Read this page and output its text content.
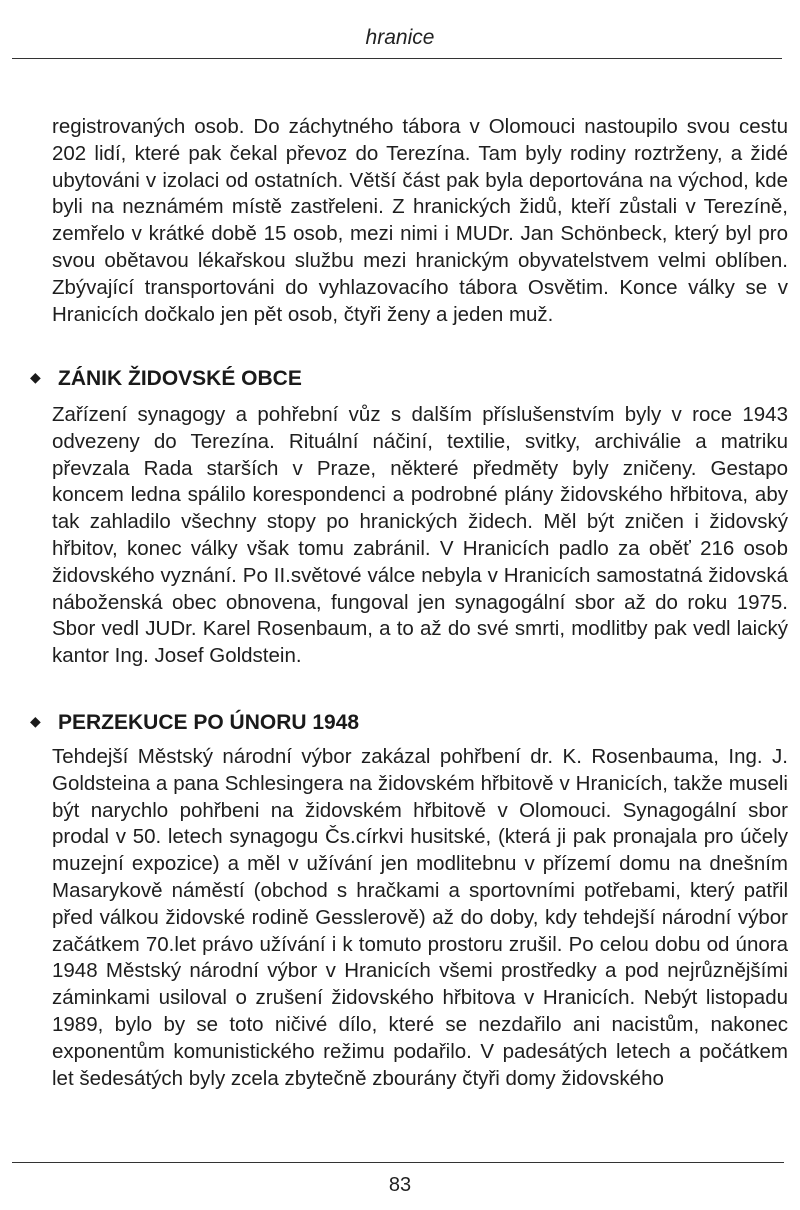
hranice

registrovaných osob. Do záchytného tábora v Olomouci nastoupilo svou cestu 202 lidí, které pak čekal převoz do Terezína. Tam byly rodiny roztrženy, a židé ubytováni v izolaci od ostatních. Větší část pak byla deportována na východ, kde byli na neznámém místě zastřeleni. Z hranických židů, kteří zůstali v Terezíně, zemřelo v krátké době 15 osob, mezi nimi i MUDr. Jan Schönbeck, který byl pro svou obětavou lékařskou službu mezi hranickým obyvatelstvem velmi oblíben. Zbývající transportováni do vyhlazovacího tábora Osvětim. Konce války se v Hranicích dočkalo jen pět osob, čtyři ženy a jeden muž.

◆ ZÁNIK ŽIDOVSKÉ OBCE

Zařízení synagogy a pohřební vůz s dalším příslušenstvím byly v roce 1943 odvezeny do Terezína. Rituální náčiní, textilie, svitky, archiválie a matriku převzala Rada starších v Praze, některé předměty byly zničeny. Gestapo koncem ledna spálilo korespondenci a podrobné plány židovského hřbitova, aby tak zahladilo všechny stopy po hranických židech. Měl být zničen i židovský hřbitov, konec války však tomu zabránil. V Hranicích padlo za oběť 216 osob židovského vyznání. Po II.světové válce nebyla v Hranicích samostatná židovská náboženská obec obnovena, fungoval jen synagogální sbor až do roku 1975. Sbor vedl JUDr. Karel Rosenbaum, a to až do své smrti, modlitby pak vedl laický kantor Ing. Josef Goldstein.

◆ PERZEKUCE PO ÚNORU 1948

Tehdejší Městský národní výbor zakázal pohřbení dr. K. Rosenbauma, Ing. J. Goldsteina a pana Schlesingera na židovském hřbitově v Hranicích, takže museli být narychlo pohřbeni na židovském hřbitově v Olomouci. Synagogální sbor prodal v 50. letech synagogu Čs.církvi husitské, (která ji pak pronajala pro účely muzejní expozice) a měl v užívání jen modlitebnu v přízemí domu na dnešním Masarykově náměstí (obchod s hračkami a sportovními potřebami, který patřil před válkou židovské rodině Gesslerově) až do doby, kdy tehdejší národní výbor začátkem 70.let právo užívání i k tomuto prostoru zrušil. Po celou dobu od února 1948 Městský národní výbor v Hranicích všemi prostředky a pod nejrůznějšími záminkami usiloval o zrušení židovského hřbitova v Hranicích. Nebýt listopadu 1989, bylo by se toto ničivé dílo, které se nezdařilo ani nacistům, nakonec exponentům komunistického režimu podařilo. V padesátých letech a počátkem let šedesátých byly zcela zbytečně zbourány čtyři domy židovského

83
